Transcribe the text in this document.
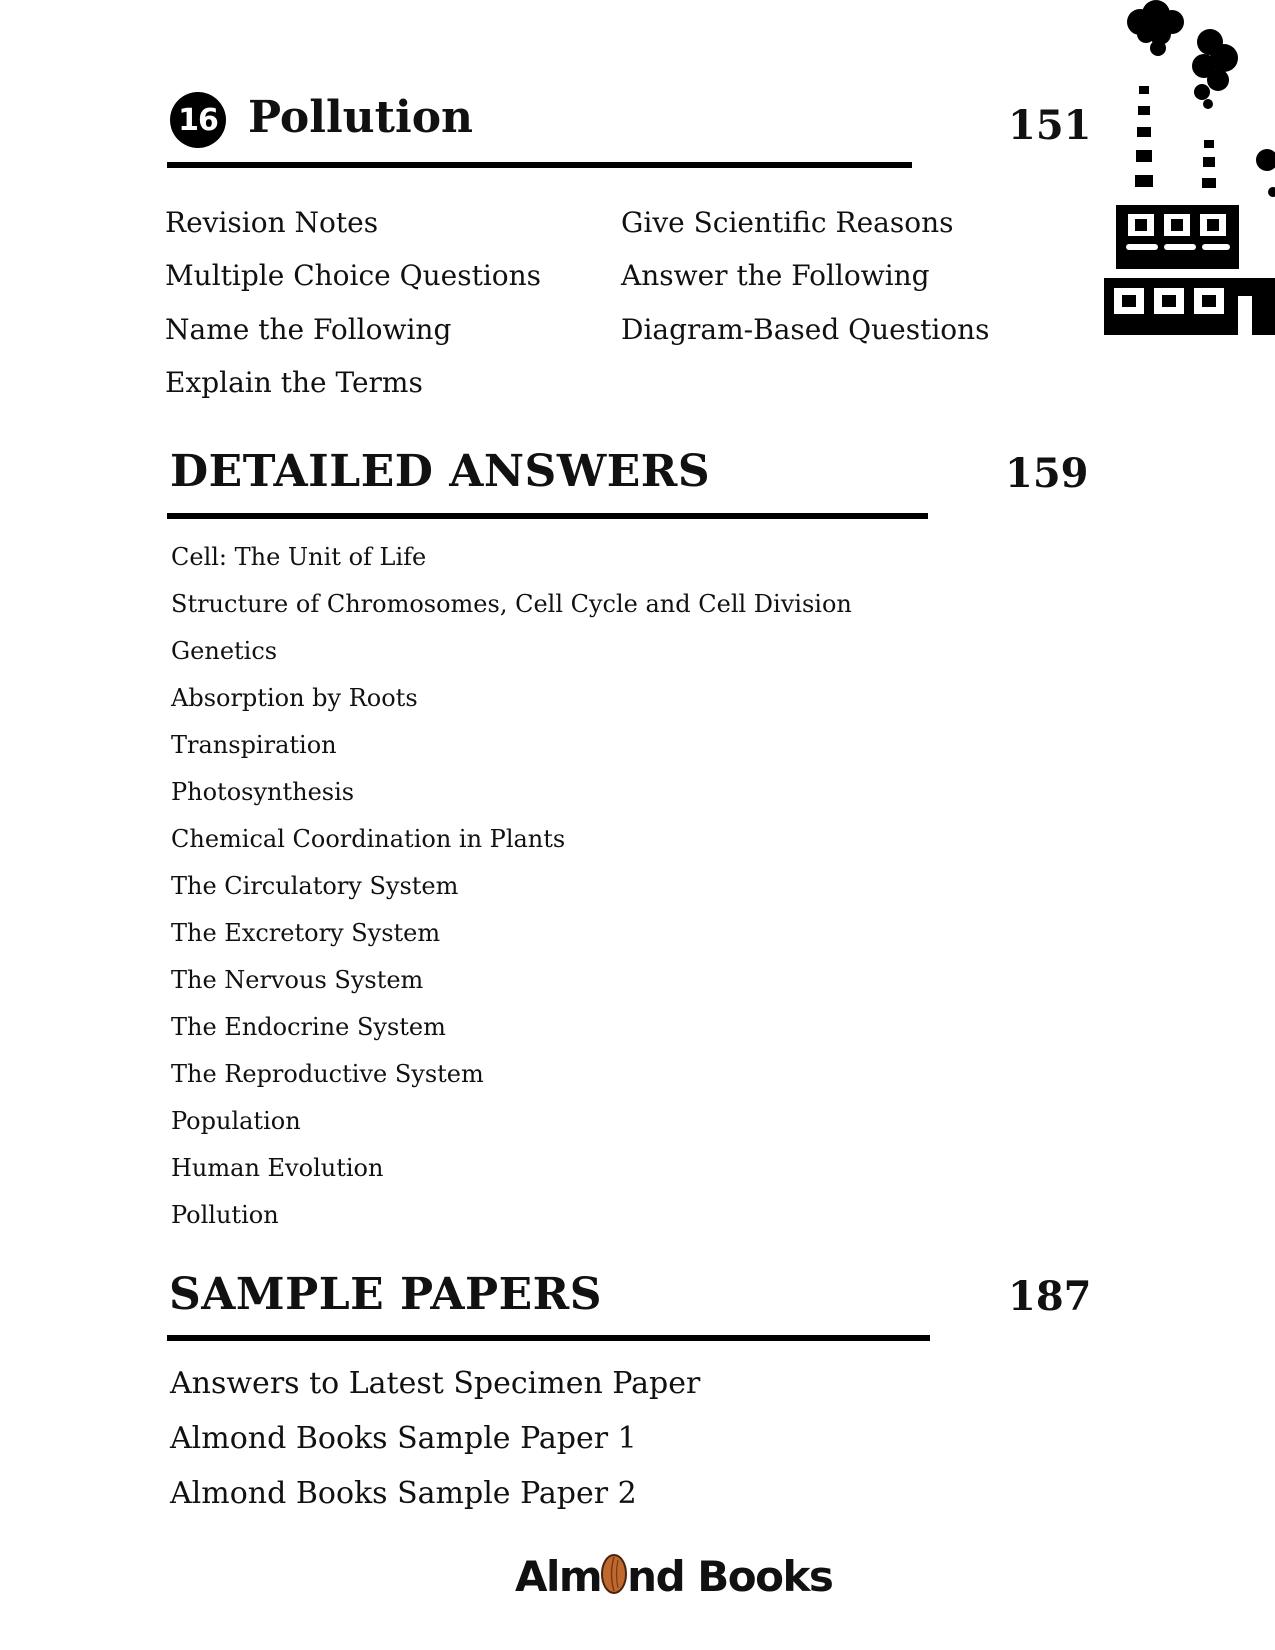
16 Pollution	151
Revision Notes
Multiple Choice Questions
Name the Following
Explain the Terms
Give Scientific Reasons
Answer the Following
Diagram-Based Questions
DETAILED ANSWERS	159
Cell: The Unit of Life
Structure of Chromosomes, Cell Cycle and Cell Division
Genetics
Absorption by Roots
Transpiration
Photosynthesis
Chemical Coordination in Plants
The Circulatory System
The Excretory System
The Nervous System
The Endocrine System
The Reproductive System
Population
Human Evolution
Pollution
SAMPLE PAPERS	187
Answers to Latest Specimen Paper
Almond Books Sample Paper 1
Almond Books Sample Paper 2
Alm nd Books
